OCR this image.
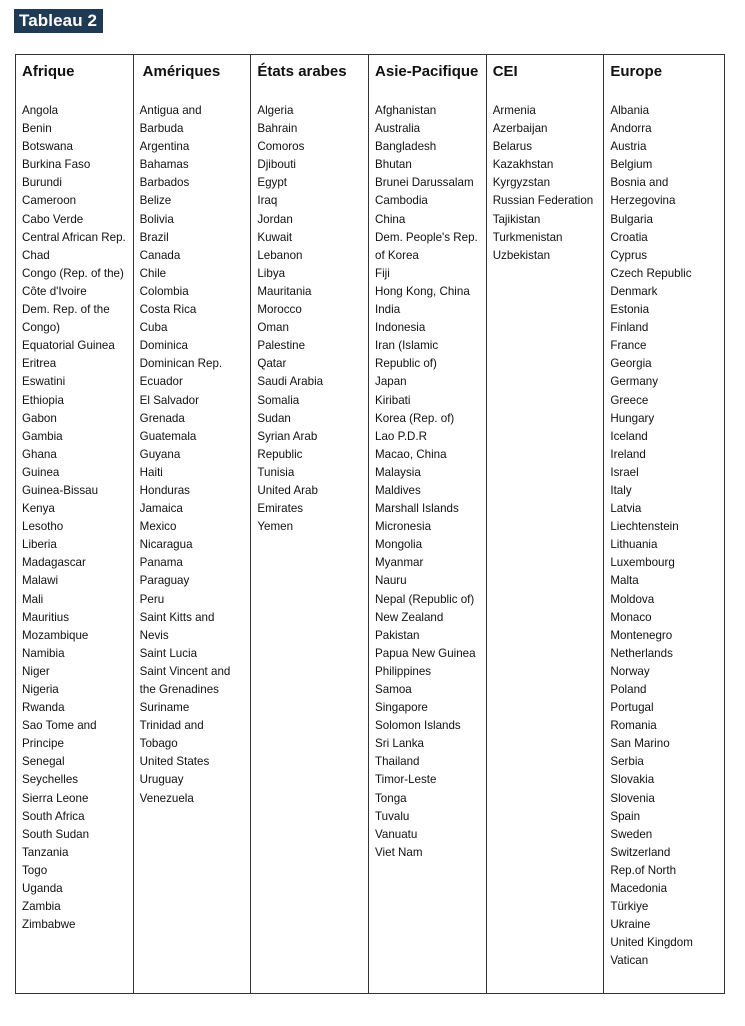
Tableau 2
Afrique
Angola
Benin
Botswana
Burkina Faso
Burundi
Cameroon
Cabo Verde
Central African Rep.
Chad
Congo (Rep. of the)
Côte d'Ivoire
Dem. Rep. of the
Congo)
Equatorial Guinea
Eritrea
Eswatini
Ethiopia
Gabon
Gambia
Ghana
Guinea
Guinea-Bissau
Kenya
Lesotho
Liberia
Madagascar
Malawi
Mali
Mauritius
Mozambique
Namibia
Niger
Nigeria
Rwanda
Sao Tome and
Principe
Senegal
Seychelles
Sierra Leone
South Africa
South Sudan
Tanzania
Togo
Uganda
Zambia
Zimbabwe
Amériques
Antigua and
Barbuda
Argentina
Bahamas
Barbados
Belize
Bolivia
Brazil
Canada
Chile
Colombia
Costa Rica
Cuba
Dominica
Dominican Rep.
Ecuador
El Salvador
Grenada
Guatemala
Guyana
Haiti
Honduras
Jamaica
Mexico
Nicaragua
Panama
Paraguay
Peru
Saint Kitts and
Nevis
Saint Lucia
Saint Vincent and
the Grenadines
Suriname
Trinidad and
Tobago
United States
Uruguay
Venezuela
États arabes
Algeria
Bahrain
Comoros
Djibouti
Egypt
Iraq
Jordan
Kuwait
Lebanon
Libya
Mauritania
Morocco
Oman
Palestine
Qatar
Saudi Arabia
Somalia
Sudan
Syrian Arab
Republic
Tunisia
United Arab
Emirates
Yemen
Asie-Pacifique
Afghanistan
Australia
Bangladesh
Bhutan
Brunei Darussalam
Cambodia
China
Dem. People's Rep.
of Korea
Fiji
Hong Kong, China
India
Indonesia
Iran (Islamic
Republic of)
Japan
Kiribati
Korea (Rep. of)
Lao P.D.R
Macao, China
Malaysia
Maldives
Marshall Islands
Micronesia
Mongolia
Myanmar
Nauru
Nepal (Republic of)
New Zealand
Pakistan
Papua New Guinea
Philippines
Samoa
Singapore
Solomon Islands
Sri Lanka
Thailand
Timor-Leste
Tonga
Tuvalu
Vanuatu
Viet Nam
CEI
Armenia
Azerbaijan
Belarus
Kazakhstan
Kyrgyzstan
Russian Federation
Tajikistan
Turkmenistan
Uzbekistan
Europe
Albania
Andorra
Austria
Belgium
Bosnia and
Herzegovina
Bulgaria
Croatia
Cyprus
Czech Republic
Denmark
Estonia
Finland
France
Georgia
Germany
Greece
Hungary
Iceland
Ireland
Israel
Italy
Latvia
Liechtenstein
Lithuania
Luxembourg
Malta
Moldova
Monaco
Montenegro
Netherlands
Norway
Poland
Portugal
Romania
San Marino
Serbia
Slovakia
Slovenia
Spain
Sweden
Switzerland
Rep.of North
Macedonia
Türkiye
Ukraine
United Kingdom
Vatican
